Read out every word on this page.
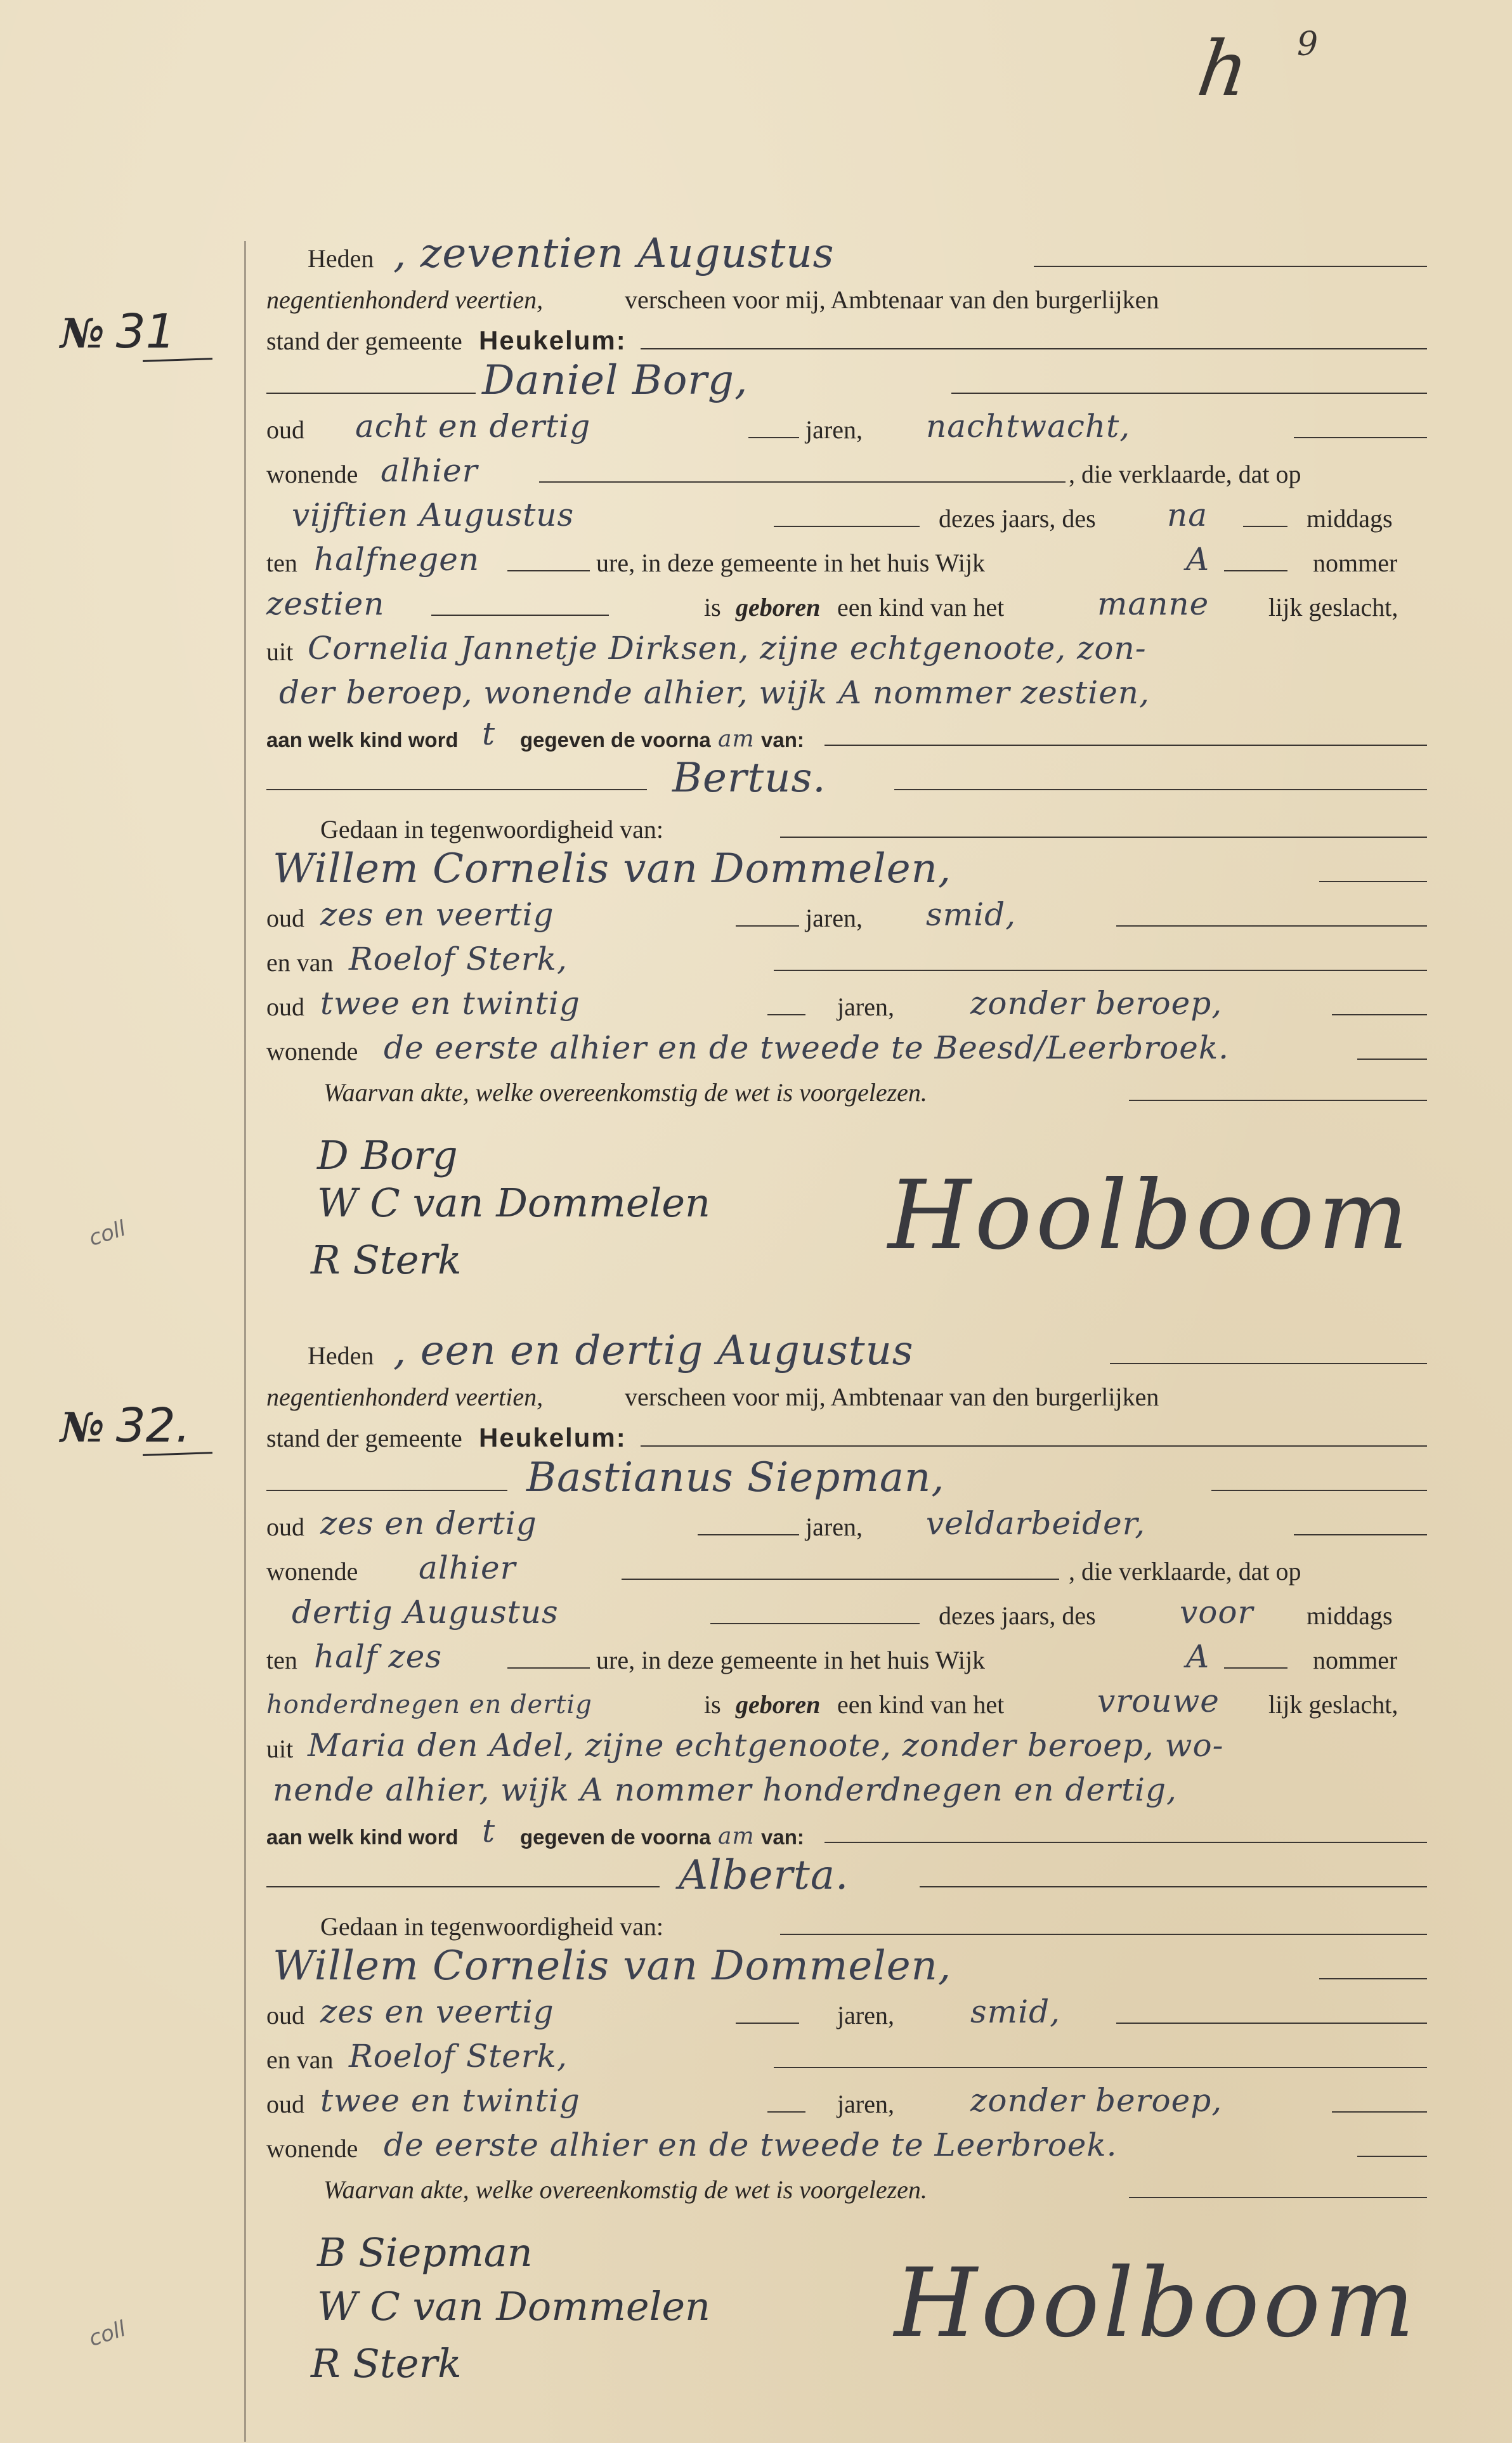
h 9
№ 31
coll
Heden , zeventien Augustus
negentienhonderd veertien,	verscheen voor mij, Ambtenaar van den burgerlijken
stand der gemeente Heukelum:
Daniel Borg,
oud acht en dertig	jaren, nachtwacht,
wonende alhier	, die verklaarde, dat op
vijftien Augustus	dezes jaars, des na	middags
ten halfnegen	ure, in deze gemeente in het huis Wijk	A	nommer
zestien	is geboren een kind van het	manne lijk geslacht,
uit Cornelia Jannetje Dirksen, zijne echtgenoote, zon-
der beroep, wonende alhier, wijk A nommer zestien,
aan welk kind word t gegeven de voorna am van:
Bertus.
Gedaan in tegenwoordigheid van:
Willem Cornelis van Dommelen,
oud zes en veertig	jaren, smid,
en van Roelof Sterk,
oud twee en twintig	jaren, zonder beroep,
wonende de eerste alhier en de tweede te Beesd/Leerbroek.
Waarvan akte, welke overeenkomstig de wet is voorgelezen.
D Borg
W C van Dommelen
R Sterk	Hoolboom
№ 32.
coll
Heden , een en dertig Augustus
negentienhonderd veertien,	verscheen voor mij, Ambtenaar van den burgerlijken
stand der gemeente Heukelum:
Bastianus Siepman,
oud zes en dertig	jaren, veldarbeider,
wonende alhier	, die verklaarde, dat op
dertig Augustus	dezes jaars, des	voor middags
ten half zes	ure, in deze gemeente in het huis Wijk	A	nommer
honderdnegen en dertig	is geboren een kind van het	vrouwe lijk geslacht,
uit Maria den Adel, zijne echtgenoote, zonder beroep, wo-
nende alhier, wijk A nommer honderdnegen en dertig,
aan welk kind word t gegeven de voorna am van:
Alberta.
Gedaan in tegenwoordigheid van:
Willem Cornelis van Dommelen,
oud zes en veertig	jaren, smid,
en van Roelof Sterk,
oud twee en twintig	jaren, zonder beroep,
wonende de eerste alhier en de tweede te Leerbroek.
Waarvan akte, welke overeenkomstig de wet is voorgelezen.
B Siepman
W C van Dommelen
R Sterk
Hoolboom
